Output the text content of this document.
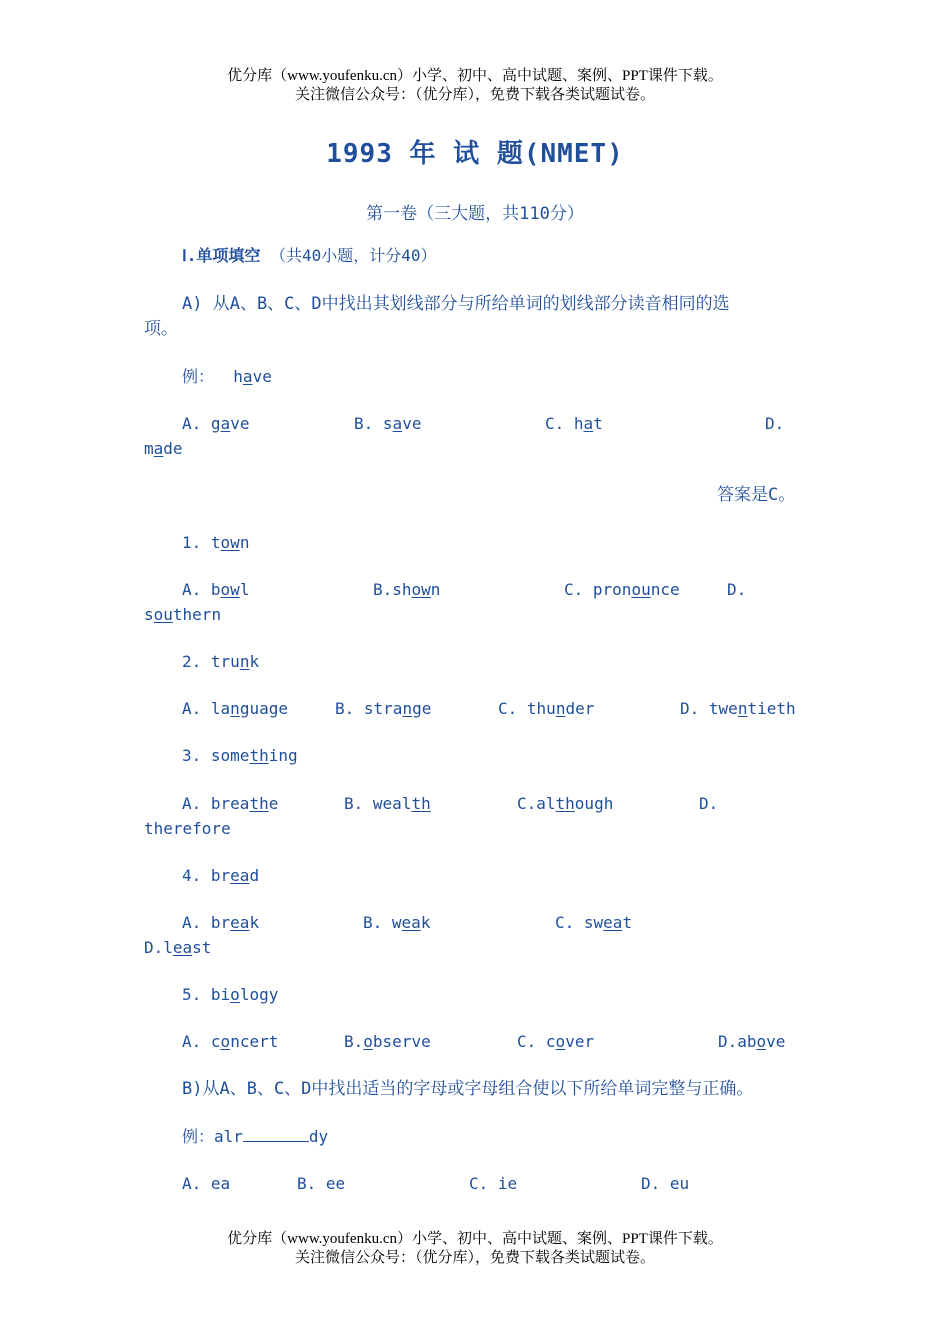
优分库（www.youfenku.cn）小学、初中、高中试题、案例、PPT课件下载。
关注微信公众号：（优分库），免费下载各类试题试卷。
1993 年 试 题(NMET)
第一卷（三大题，共110分）
Ⅰ.单项填空 （共40小题，计分40）
A) 从A、B、C、D中找出其划线部分与所给单词的划线部分读音相同的选
项。
例： have
A. gave	B. save	C. hat	D.
made
答案是C。
1. town
A. bowl	B.shown	C. pronounce	D.
southern
2. trunk
A. language	B. strange	C. thunder	D. twentieth
3. something
A. breathe	B. wealth	C.although	D.
therefore
4. bread
A. break	B. weak	C. sweat
D.least
5. biology
A. concert	B.observe	C. cover	D.above
B)从A、B、C、D中找出适当的字母或字母组合使以下所给单词完整与正确。
例：alr	dy
A. ea	B. ee	C. ie	D. eu
优分库（www.youfenku.cn）小学、初中、高中试题、案例、PPT课件下载。
关注微信公众号：（优分库），免费下载各类试题试卷。
